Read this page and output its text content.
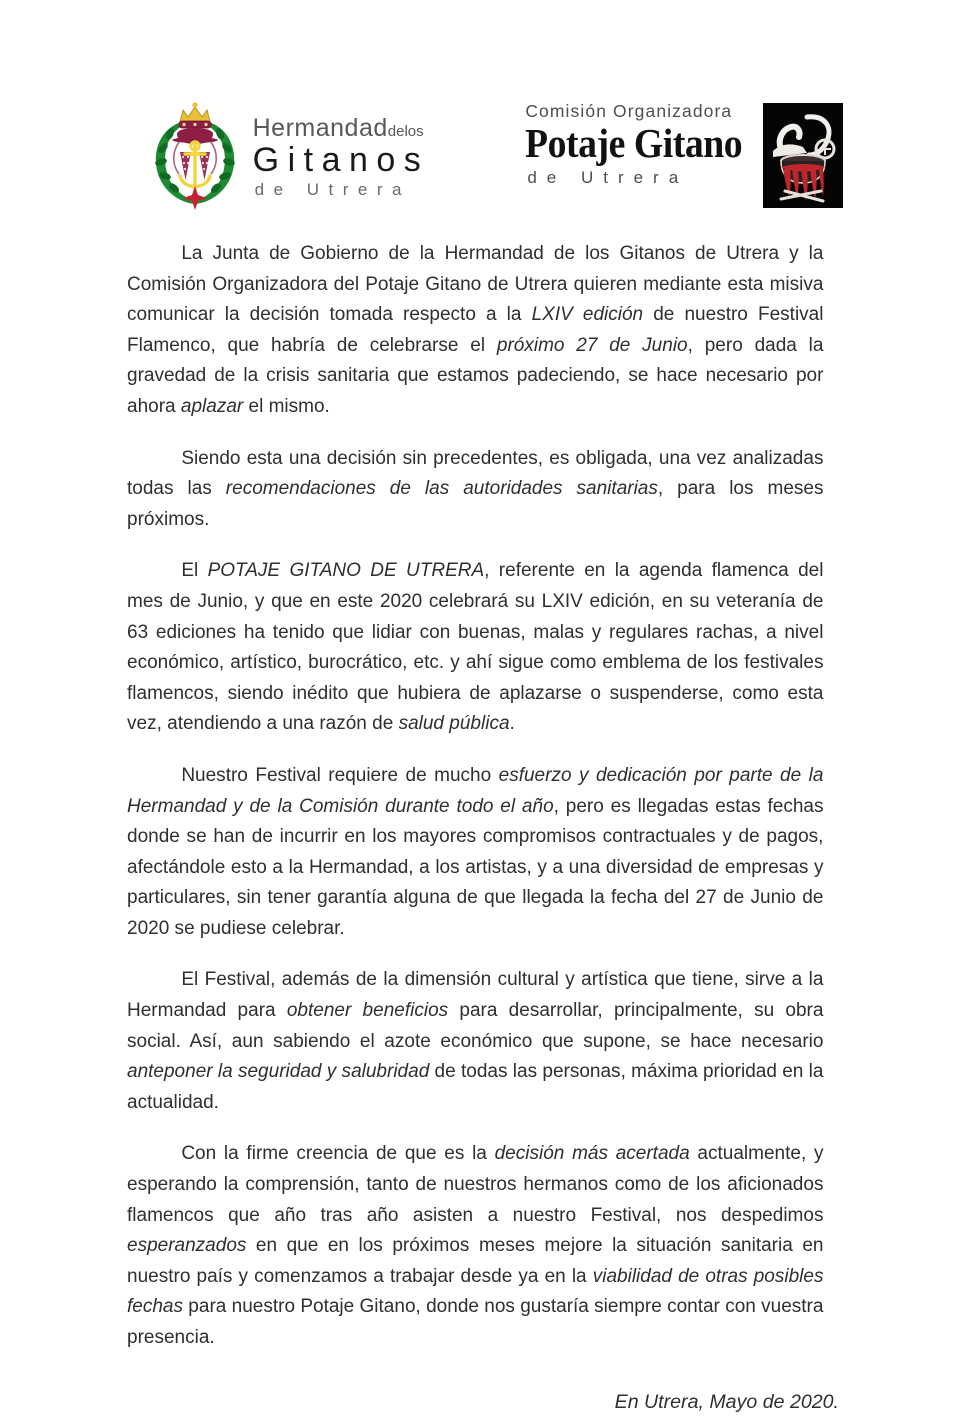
Hermandaddelos
Gitanos
de Utrera
Comisión Organizadora
Potaje Gitano
de Utrera

La Junta de Gobierno de la Hermandad de los Gitanos de Utrera y la Comisión Organizadora del Potaje Gitano de Utrera quieren mediante esta misiva comunicar la decisión tomada respecto a la LXIV edición de nuestro Festival Flamenco, que habría de celebrarse el próximo 27 de Junio, pero dada la gravedad de la crisis sanitaria que estamos padeciendo, se hace necesario por ahora aplazar el mismo.

Siendo esta una decisión sin precedentes, es obligada, una vez analizadas todas las recomendaciones de las autoridades sanitarias, para los meses próximos.

El POTAJE GITANO DE UTRERA, referente en la agenda flamenca del mes de Junio, y que en este 2020 celebrará su LXIV edición, en su veteranía de 63 ediciones ha tenido que lidiar con buenas, malas y regulares rachas, a nivel económico, artístico, burocrático, etc. y ahí sigue como emblema de los festivales flamencos, siendo inédito que hubiera de aplazarse o suspenderse, como esta vez, atendiendo a una razón de salud pública.

Nuestro Festival requiere de mucho esfuerzo y dedicación por parte de la Hermandad y de la Comisión durante todo el año, pero es llegadas estas fechas donde se han de incurrir en los mayores compromisos contractuales y de pagos, afectándole esto a la Hermandad, a los artistas, y a una diversidad de empresas y particulares, sin tener garantía alguna de que llegada la fecha del 27 de Junio de 2020 se pudiese celebrar.

El Festival, además de la dimensión cultural y artística que tiene, sirve a la Hermandad para obtener beneficios para desarrollar, principalmente, su obra social. Así, aun sabiendo el azote económico que supone, se hace necesario anteponer la seguridad y salubridad de todas las personas, máxima prioridad en la actualidad.

Con la firme creencia de que es la decisión más acertada actualmente, y esperando la comprensión, tanto de nuestros hermanos como de los aficionados flamencos que año tras año asisten a nuestro Festival, nos despedimos esperanzados en que en los próximos meses mejore la situación sanitaria en nuestro país y comenzamos a trabajar desde ya en la viabilidad de otras posibles fechas para nuestro Potaje Gitano, donde nos gustaría siempre contar con vuestra presencia.

En Utrera, Mayo de 2020.
